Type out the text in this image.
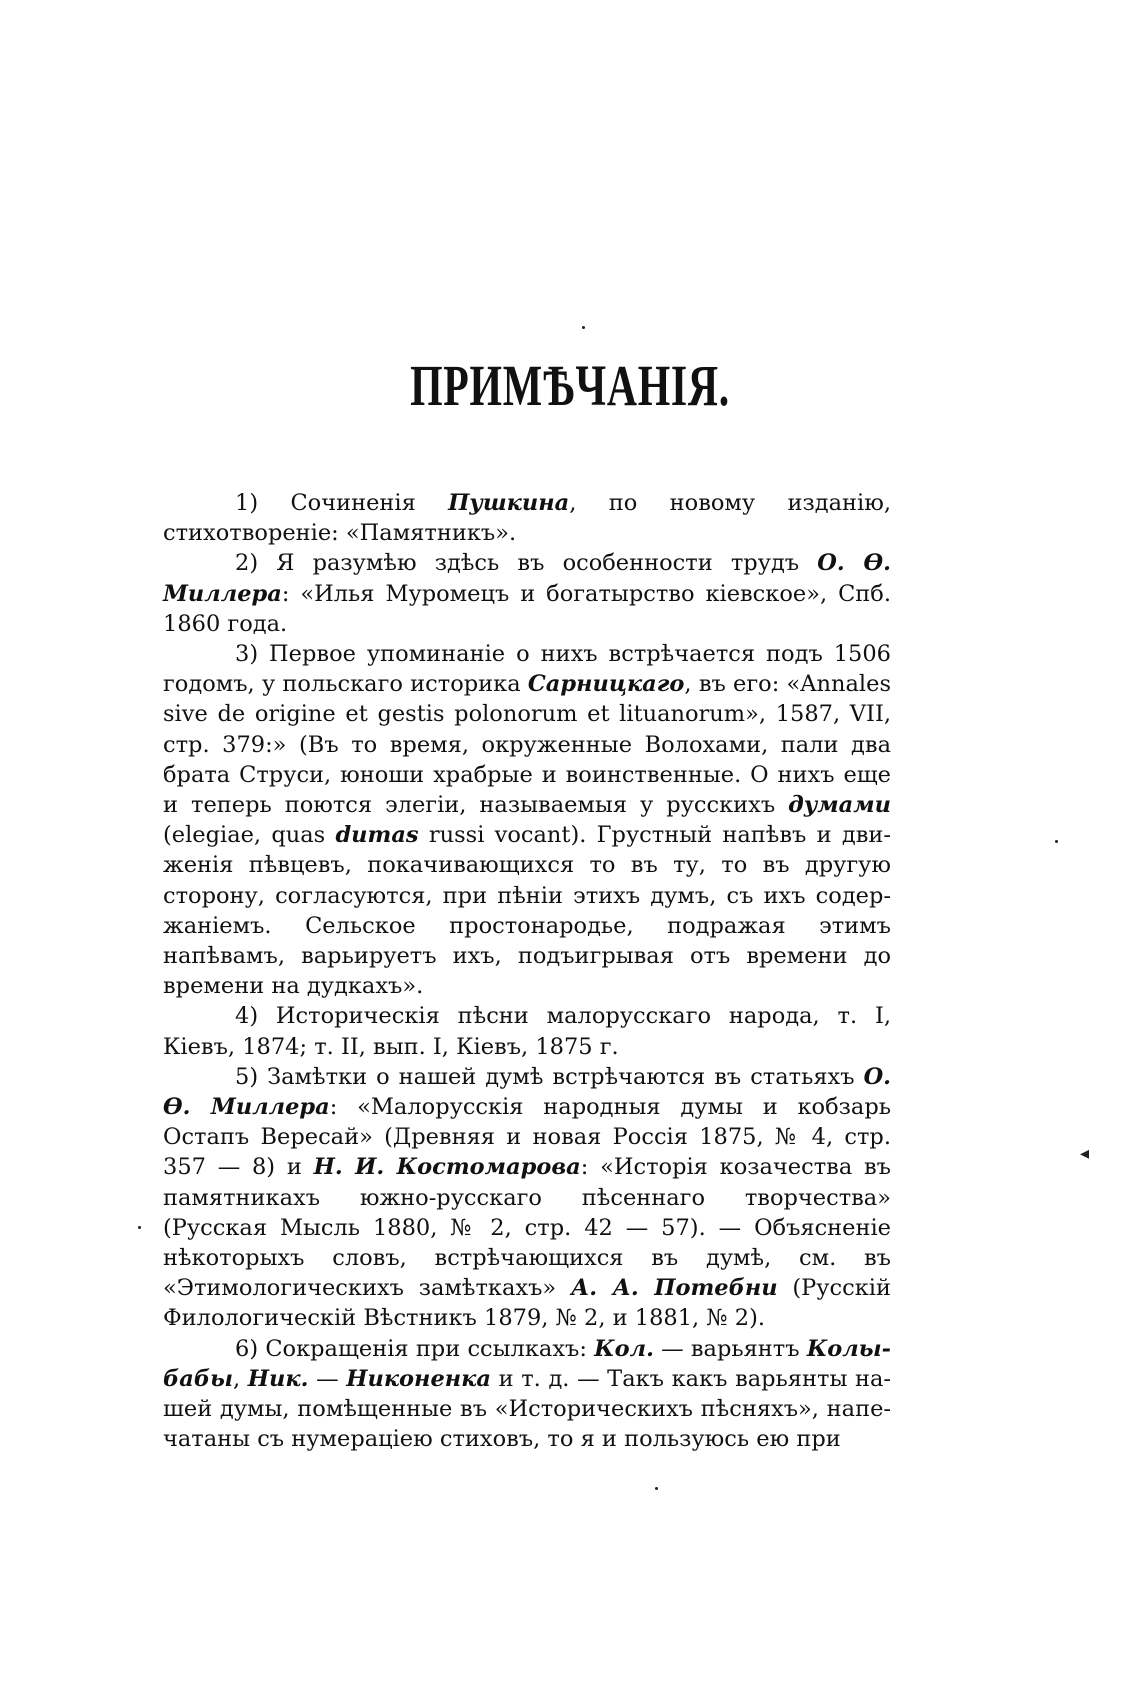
ПРИМѢЧАНІЯ.

1) Сочиненія Пушкина, по новому изданію, стихотвореніе: «Памятникъ».

2) Я разумѣю здѣсь въ особенности трудъ О. Ѳ. Миллера: «Илья Муромецъ и богатырство кіевское», Спб. 1860 года.

3) Первое упоминаніе о нихъ встрѣчается подъ 1506 годомъ, у польскаго историка Сарницкаго, въ его: «Annales sive de origine et gestis polonorum et lituanorum», 1587, VII, стр. 379:» (Въ то время, окруженные Волохами, пали два брата Струси, юноши храбрые и воинственные. О нихъ еще и теперь поются элегіи, называемыя у русскихъ думами (elegiae, quas dumas russi vocant). Грустный напѣвъ и движенія пѣвцевъ, покачивающихся то въ ту, то въ другую сторону, согласуются, при пѣніи этихъ думъ, съ ихъ содержаніемъ. Сельское простонародье, подражая этимъ напѣвамъ, варьируетъ ихъ, подъигрывая отъ времени до времени на дудкахъ».

4) Историческія пѣсни малорусскаго народа, т. I, Кіевъ, 1874; т. II, вып. I, Кіевъ, 1875 г.

5) Замѣтки о нашей думѣ встрѣчаются въ статьяхъ О. Ѳ. Миллера: «Малорусскія народныя думы и кобзарь Остапъ Вересай» (Древняя и новая Россія 1875, № 4, стр. 357 — 8) и Н. И. Костомарова: «Исторія козачества въ памятникахъ южно-русскаго пѣсеннаго творчества» (Русская Мысль 1880, № 2, стр. 42 — 57). — Объясненіе нѣкоторыхъ словъ, встрѣчающихся въ думѣ, см. въ «Этимологическихъ замѣткахъ» А. А. Потебни (Русскій Филологическій Вѣстникъ 1879, № 2, и 1881, № 2).

6) Сокращенія при ссылкахъ: Кол. — варьянтъ Колыбабы, Ник. — Никоненка и т. д. — Такъ какъ варьянты нашей думы, помѣщенные въ «Историческихъ пѣсняхъ», напечатаны съ нумераціею стиховъ, то я и пользуюсь ею при

◂
